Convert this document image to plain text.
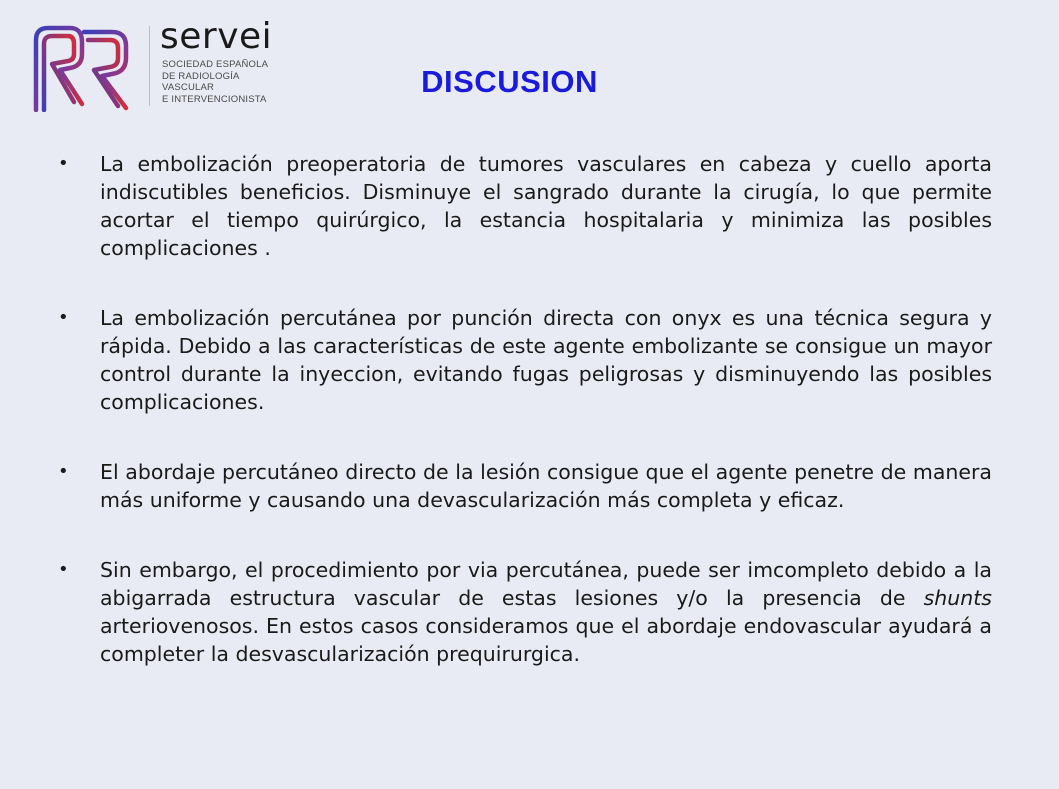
servei
SOCIEDAD ESPAÑOLA
DE RADIOLOGÍA
VASCULAR
E INTERVENCIONISTA	DISCUSION
• La embolización preoperatoria de tumores vasculares en cabeza y cuello aporta indiscutibles beneficios. Disminuye el sangrado durante la cirugía, lo que permite acortar el tiempo quirúrgico, la estancia hospitalaria y minimiza las posibles complicaciones .
• La embolización percutánea por punción directa con onyx es una técnica segura y rápida. Debido a las características de este agente embolizante se consigue un mayor control durante la inyeccion, evitando fugas peligrosas y disminuyendo las posibles complicaciones.
• El abordaje percutáneo directo de la lesión consigue que el agente penetre de manera más uniforme y causando una devascularización más completa y eficaz.
• Sin embargo, el procedimiento por via percutánea, puede ser imcompleto debido a la abigarrada estructura vascular de estas lesiones y/o la presencia de shunts arteriovenosos. En estos casos consideramos que el abordaje endovascular ayudará a completer la desvascularización prequirurgica.
